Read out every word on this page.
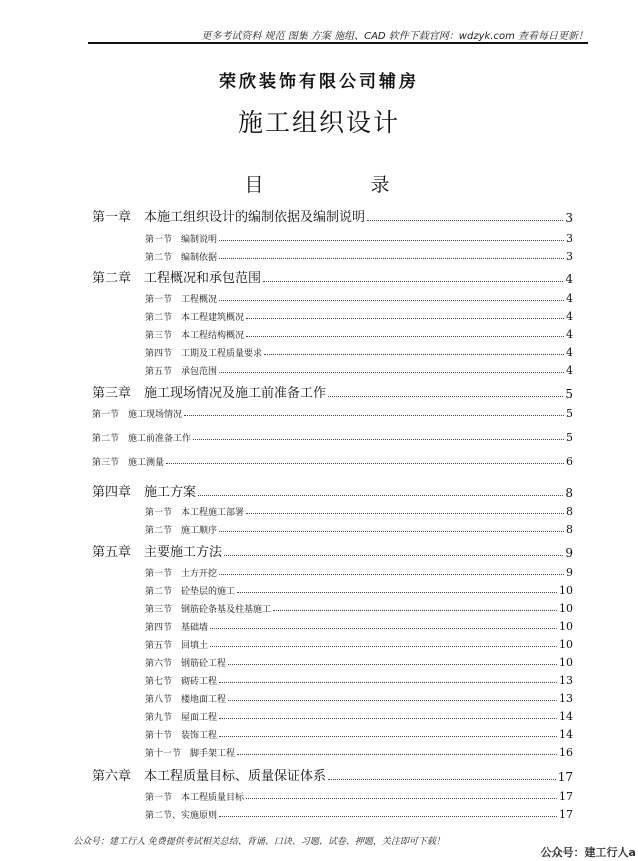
更多考试资料 规范 图集 方案 施组、CAD 软件下载官网：wdzyk.com 查看每日更新！
荣欣装饰有限公司辅房
施工组织设计
目　录
第一章　本施工组织设计的编制依据及编制说明	3
第一节　编制说明	3
第二节　编制依据	3
第二章　工程概况和承包范围	4
第一节　工程概况	4
第二节　本工程建筑概况	4
第三节　本工程结构概况	4
第四节　工期及工程质量要求	4
第五节　承包范围	4
第三章　施工现场情况及施工前准备工作	5
第一节　施工现场情况	5
第二节　施工前准备工作	5
第三节　施工测量	6
第四章　施工方案	8
第一节　本工程施工部署	8
第二节　施工顺序	8
第五章　主要施工方法	9
第一节　土方开挖	9
第二节　砼垫层的施工	10
第三节　钢筋砼条基及柱基施工	10
第四节　基础墙	10
第五节　回填土	10
第六节　钢筋砼工程	10
第七节　砌砖工程	13
第八节　楼地面工程	13
第九节　屋面工程	14
第十节　装饰工程	14
第十一节　脚手架工程	16
第六章　本工程质量目标、质量保证体系	17
第一节　本工程质量目标	17
第二节、实施原则	17
公众号：建工行人 免费提供考试相关总结、背诵、口诀、习题、试卷、押题，关注即可下载！
公众号：建工行人a
